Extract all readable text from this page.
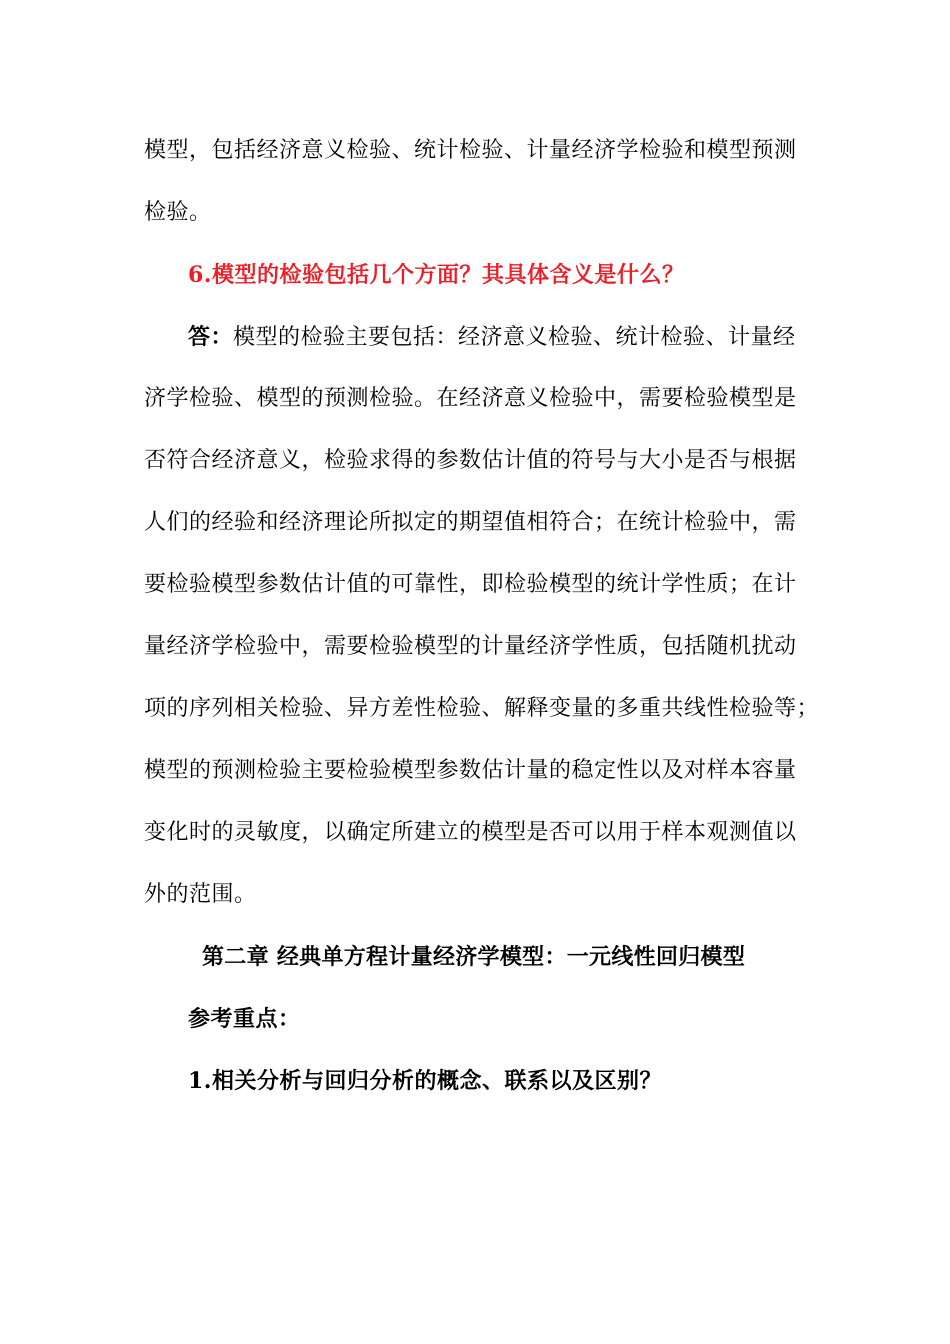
模型，包括经济意义检验、统计检验、计量经济学检验和模型预测
检验。
6.模型的检验包括几个方面？其具体含义是什么？
答：模型的检验主要包括：经济意义检验、统计检验、计量经
济学检验、模型的预测检验。在经济意义检验中，需要检验模型是
否符合经济意义，检验求得的参数估计值的符号与大小是否与根据
人们的经验和经济理论所拟定的期望值相符合；在统计检验中，需
要检验模型参数估计值的可靠性，即检验模型的统计学性质；在计
量经济学检验中，需要检验模型的计量经济学性质，包括随机扰动
项的序列相关检验、异方差性检验、解释变量的多重共线性检验等；
模型的预测检验主要检验模型参数估计量的稳定性以及对样本容量
变化时的灵敏度，以确定所建立的模型是否可以用于样本观测值以
外的范围。
第二章 经典单方程计量经济学模型：一元线性回归模型
参考重点：
1.相关分析与回归分析的概念、联系以及区别？
